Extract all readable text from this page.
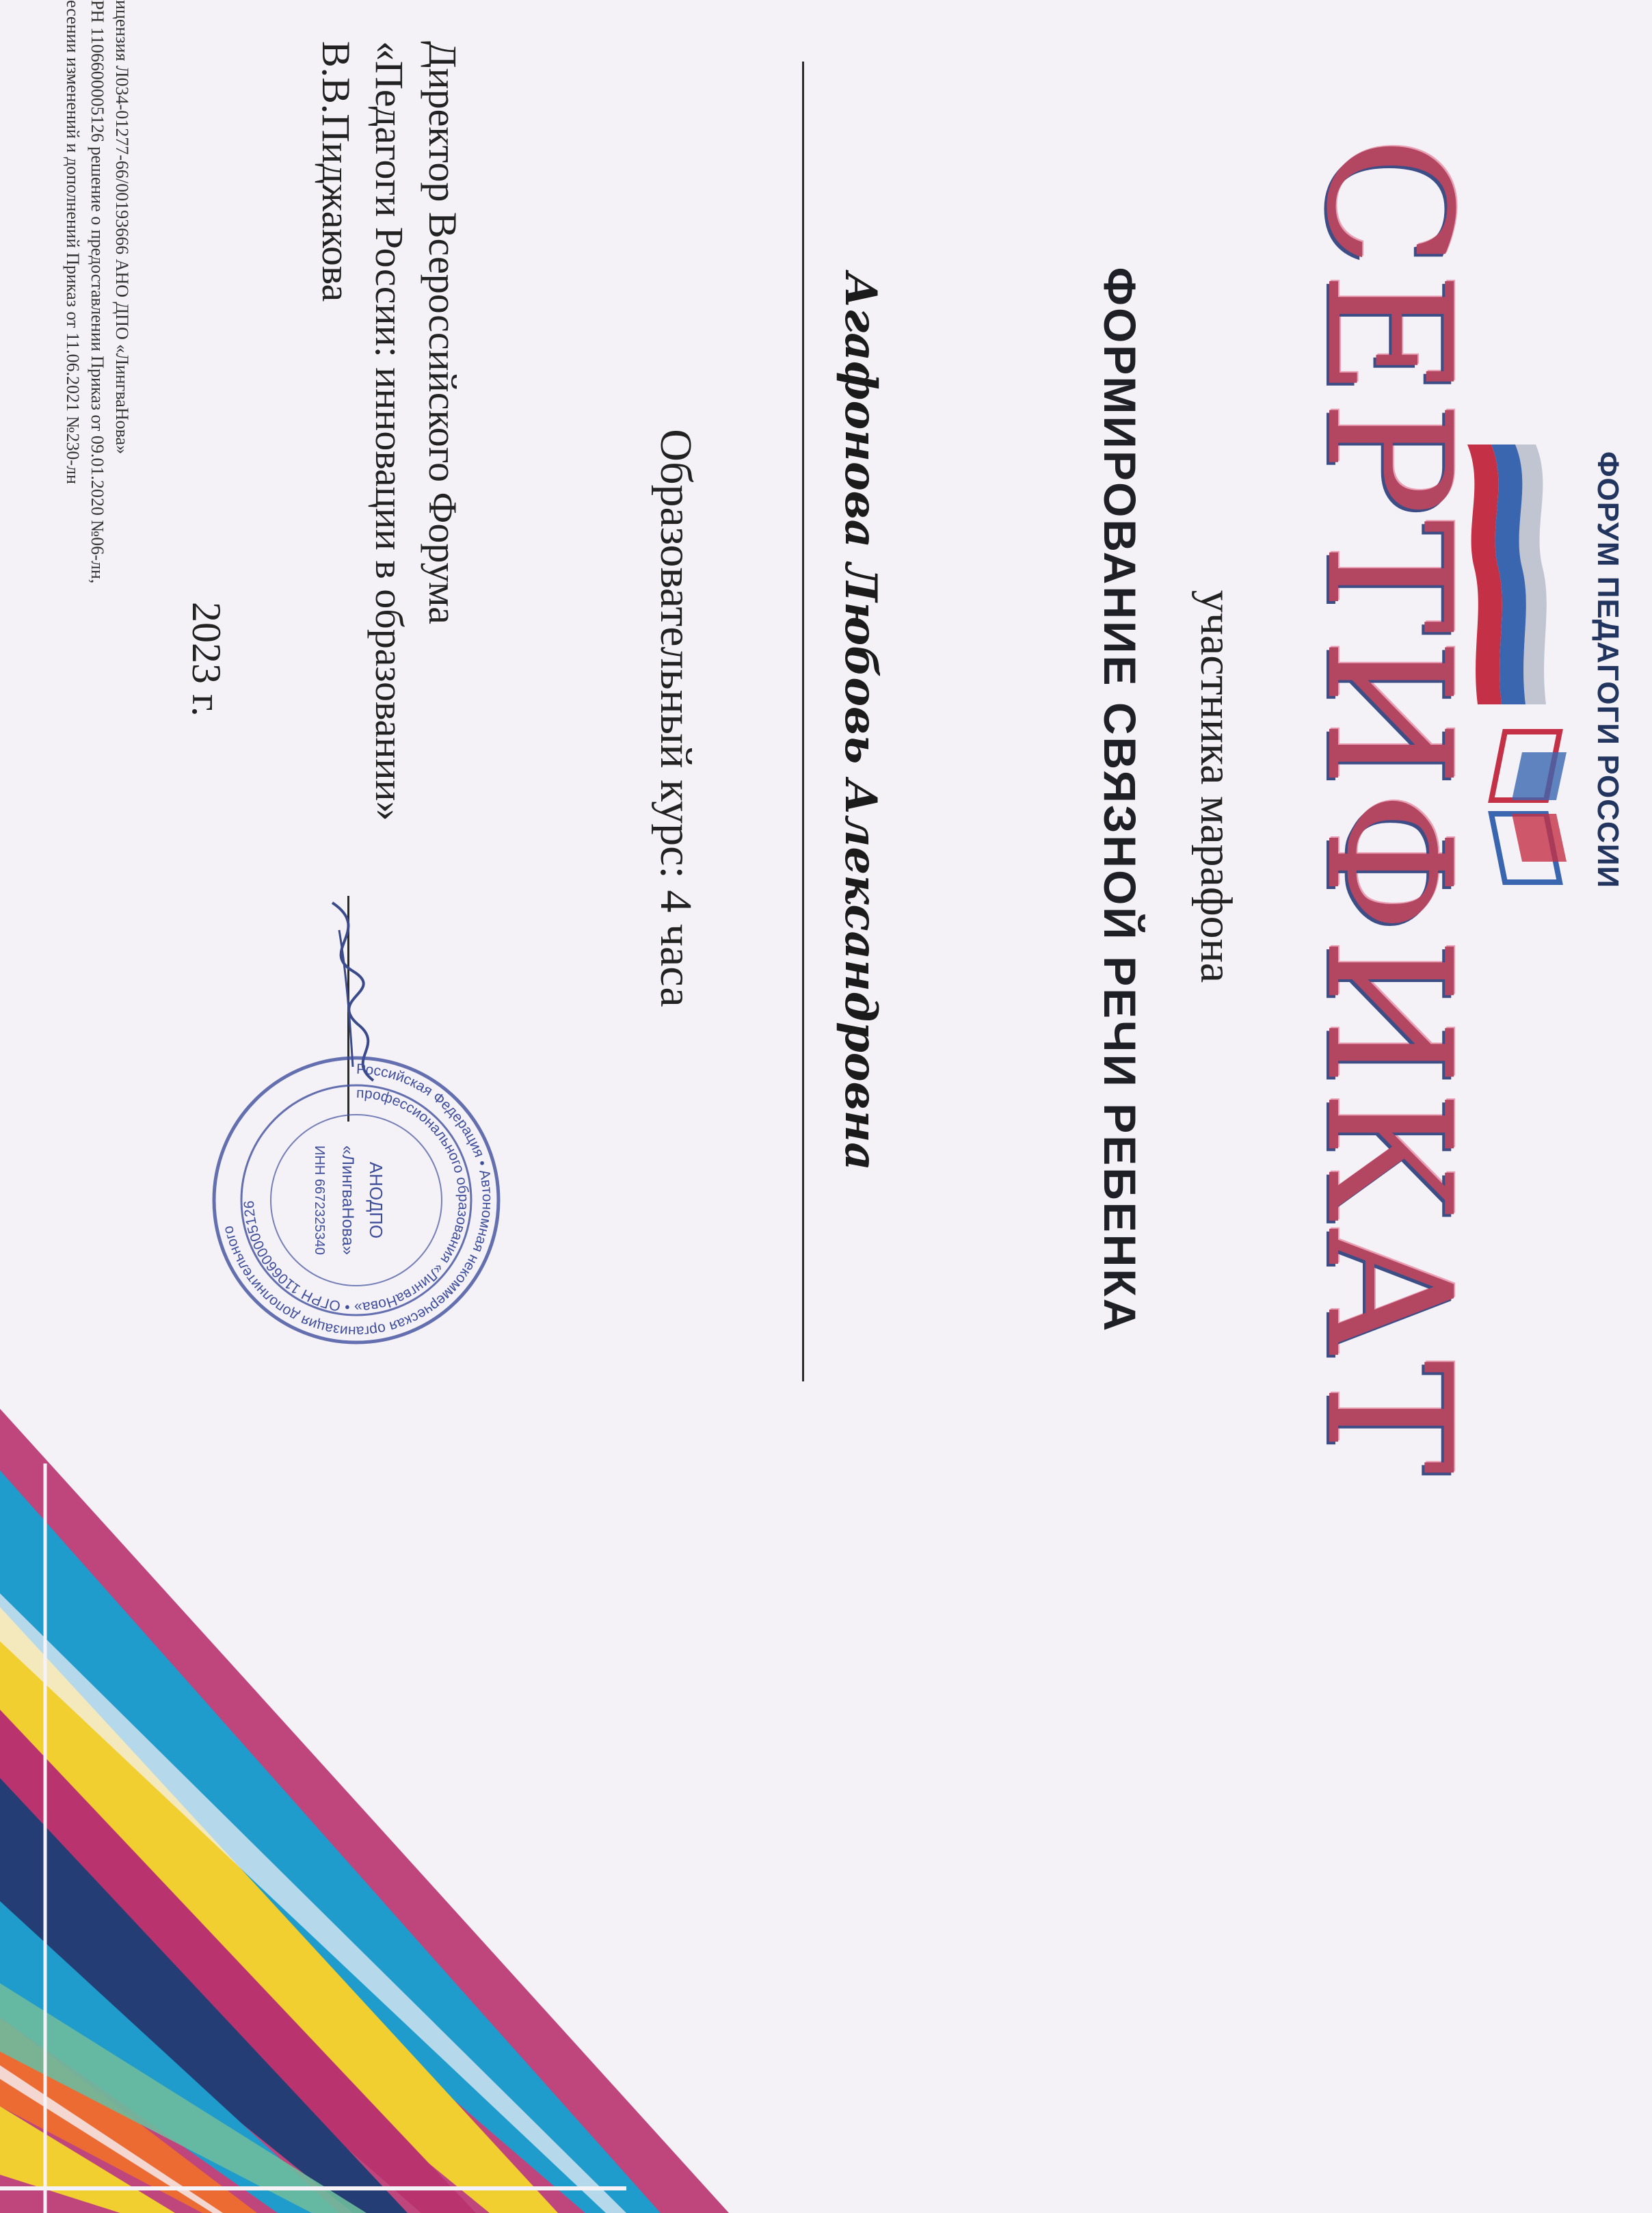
ФОРУМ ПЕДАГОГИ РОССИИ
СЕРТИФИКАТ
участника марафона
ФОРМИРОВАНИЕ СВЯЗНОЙ РЕЧИ РЕБЕНКА
Агафонова Любовь Александровна
Образовательный курс: 4 часа
Директор Всероссийского Форума
«Педагоги России: инновации в образовании»
В.В.Пиджакова
2023 г.
ицензия Л034-01277-66/00193666 АНО ДПО «ЛингваНова»
РН 1106600005126 решение о предоставлении Приказ от 09.01.2020 №06-лн,
есении изменений и дополнений Приказ от 11.06.2021 №230-лн
Российская Федерация • Автономная некоммерческая организация дополнительного
профессионального образования «ЛингваНова» • ОГРН 1106600005126	АНОДПО
«ЛингваНова»
ИНН 6672325340
